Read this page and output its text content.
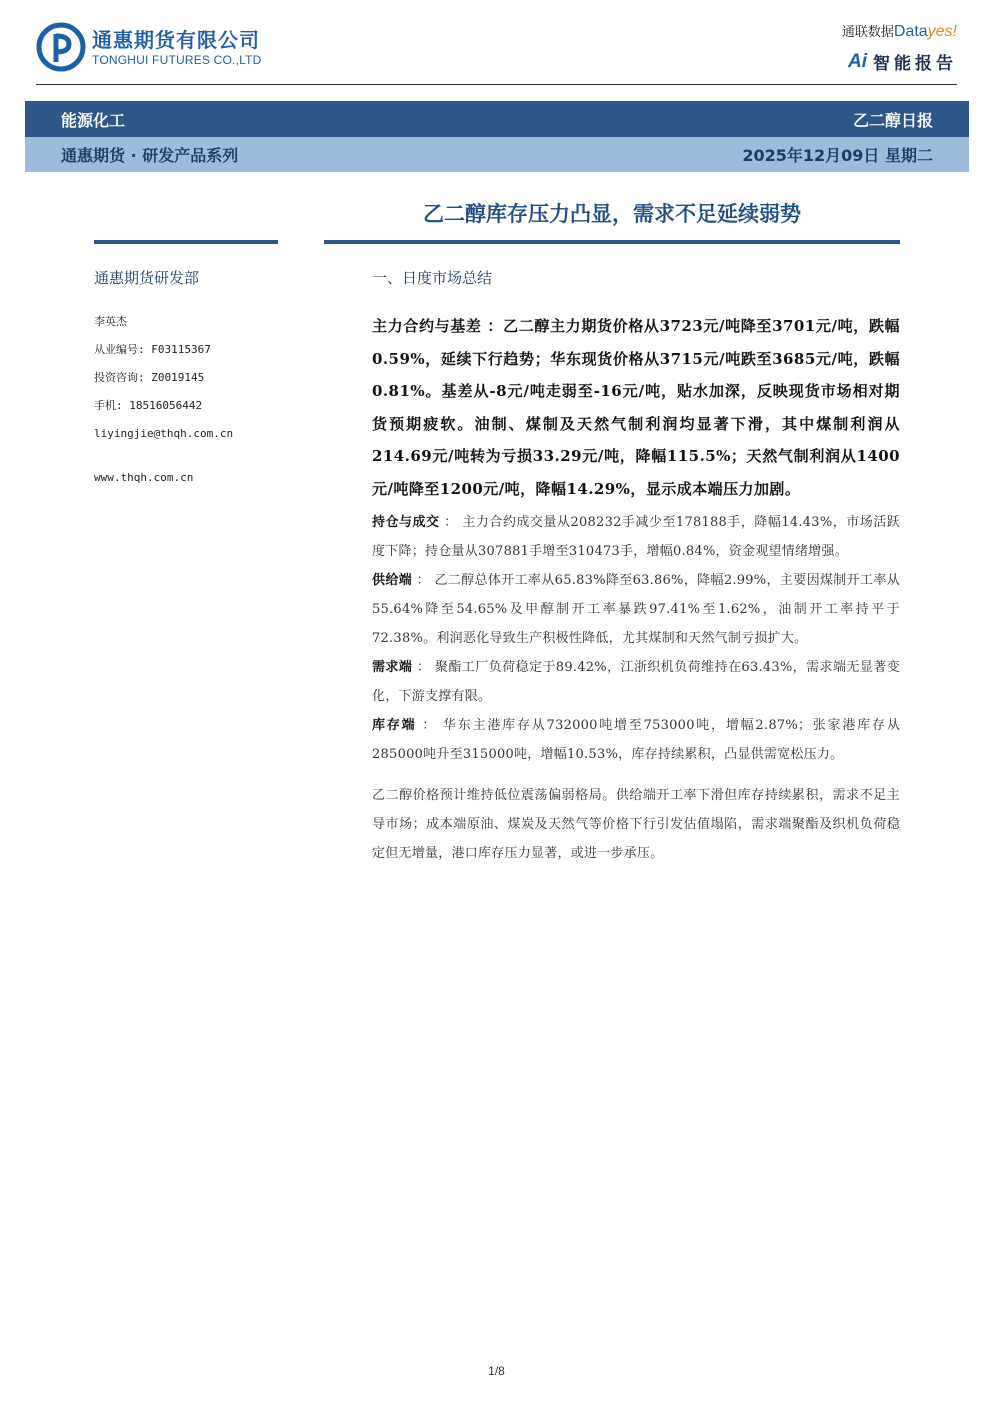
通惠期货有限公司
TONGHUI FUTURES CO.,LTD
通联数据Datayes!
Ai 智能报告
能源化工	乙二醇日报
通惠期货 · 研发产品系列	2025年12月09日 星期二
乙二醇库存压力凸显，需求不足延续弱势
通惠期货研发部
李英杰
从业编号: F03115367
投资咨询: Z0019145
手机: 18516056442
liyingjie@thqh.com.cn
www.thqh.com.cn
一、日度市场总结

主力合约与基差 ：乙二醇主力期货价格从3723元/吨降至3701元/吨，跌幅0.59%，延续下行趋势；华东现货价格从3715元/吨跌至3685元/吨，跌幅0.81%。基差从-8元/吨走弱至-16元/吨，贴水加深，反映现货市场相对期货预期疲软。油制、煤制及天然气制利润均显著下滑，其中煤制利润从214.69元/吨转为亏损33.29元/吨，降幅115.5%；天然气制利润从1400元/吨降至1200元/吨，降幅14.29%，显示成本端压力加剧。

持仓与成交 ： 主力合约成交量从208232手减少至178188手，降幅14.43%，市场活跃度下降；持仓量从307881手增至310473手，增幅0.84%，资金观望情绪增强。

供给端 ： 乙二醇总体开工率从65.83%降至63.86%，降幅2.99%，主要因煤制开工率从55.64%降至54.65%及甲醇制开工率暴跌97.41%至1.62%，油制开工率持平于72.38%。利润恶化导致生产积极性降低，尤其煤制和天然气制亏损扩大。

需求端 ： 聚酯工厂负荷稳定于89.42%，江浙织机负荷维持在63.43%，需求端无显著变化，下游支撑有限。

库存端 ： 华东主港库存从732000吨增至753000吨，增幅2.87%；张家港库存从285000吨升至315000吨，增幅10.53%，库存持续累积，凸显供需宽松压力。

乙二醇价格预计维持低位震荡偏弱格局。供给端开工率下滑但库存持续累积，需求不足主导市场；成本端原油、煤炭及天然气等价格下行引发估值塌陷，需求端聚酯及织机负荷稳定但无增量，港口库存压力显著，或进一步承压。

1/8
